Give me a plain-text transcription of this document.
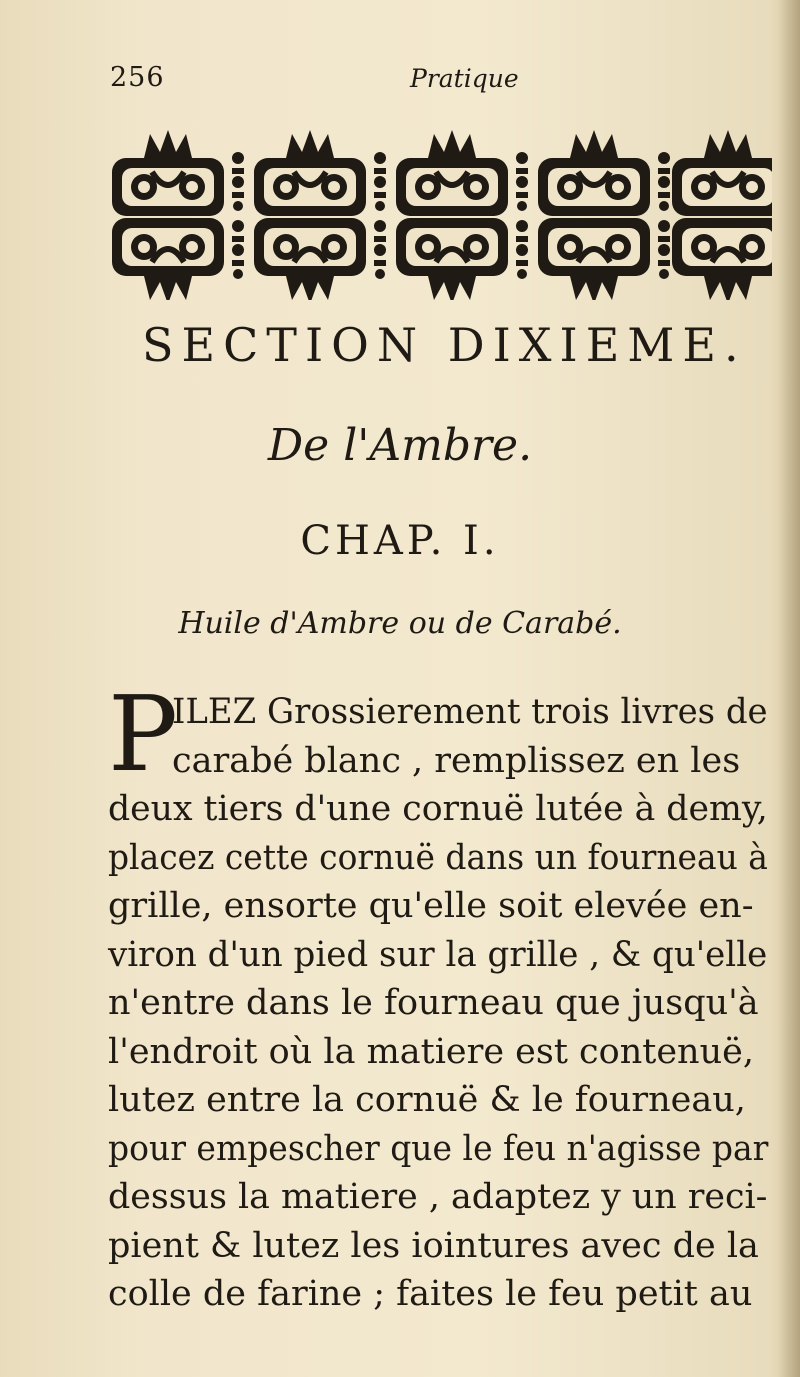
256	Pratique
SECTION DIXIEME.
De l'Ambre.
CHAP. I.
Huile d'Ambre ou de Carabé.
P
ILEZ Grossierement trois livres de
carabé blanc , remplissez en les
deux tiers d'une cornuë lutée à demy,
placez cette cornuë dans un fourneau à
grille, ensorte qu'elle soit elevée en-
viron d'un pied sur la grille , & qu'elle
n'entre dans le fourneau que jusqu'à
l'endroit où la matiere est contenuë,
lutez entre la cornuë & le fourneau,
pour empescher que le feu n'agisse par
dessus la matiere , adaptez y un reci-
pient & lutez les iointures avec de la
colle de farine ; faites le feu petit au
